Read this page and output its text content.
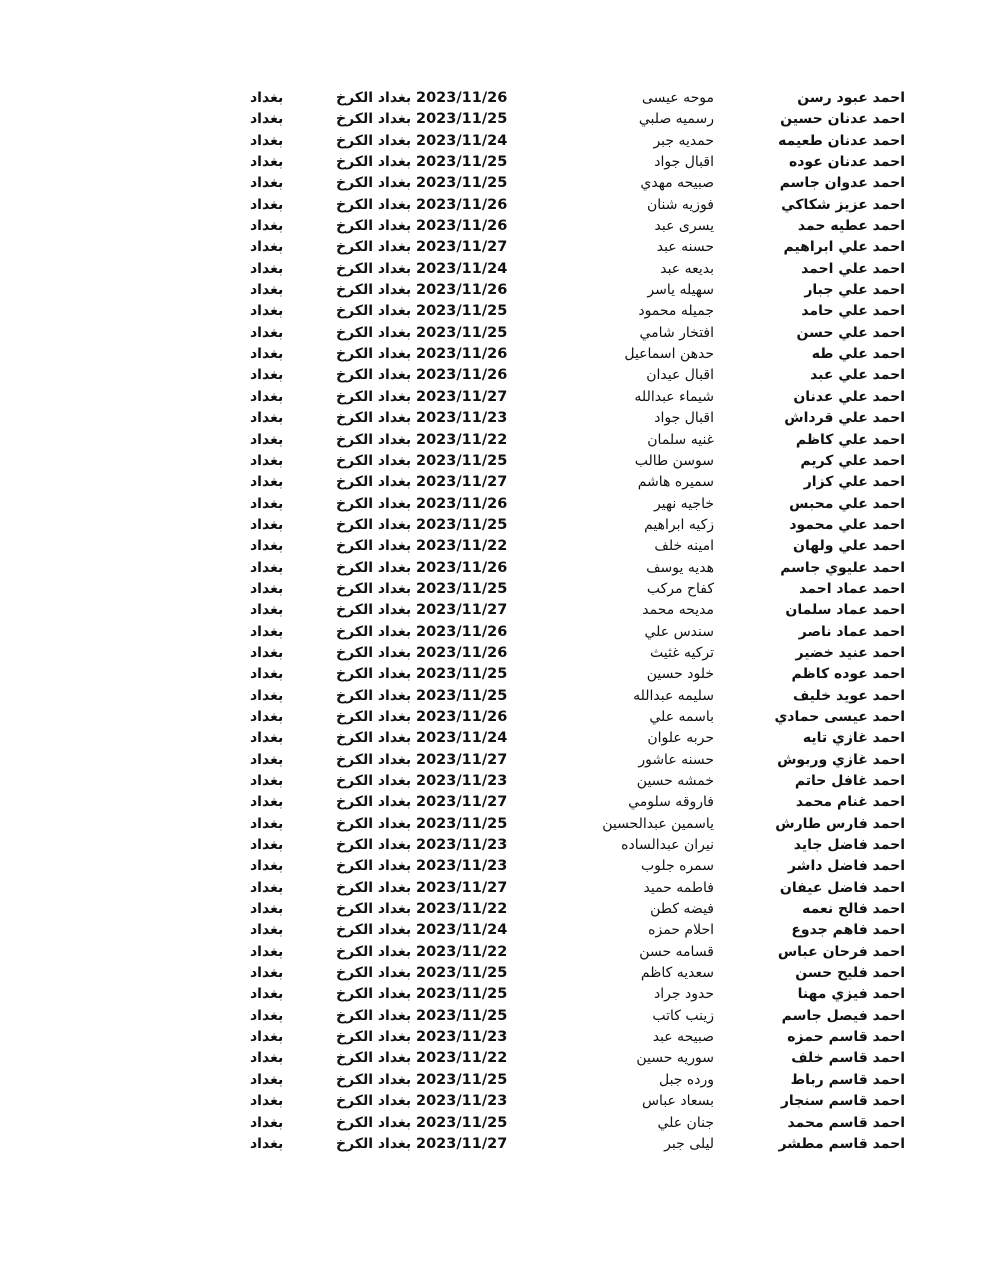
احمد عبود رسن
موحه عيسى
2023/11/26
بغداد الكرخ
بغداد
احمد عدنان حسين
رسميه صلبي
2023/11/25
بغداد الكرخ
بغداد
احمد عدنان طعيمه
حمديه جبر
2023/11/24
بغداد الكرخ
بغداد
احمد عدنان عوده
اقبال جواد
2023/11/25
بغداد الكرخ
بغداد
احمد عدوان جاسم
صبيحه مهدي
2023/11/25
بغداد الكرخ
بغداد
احمد عزيز شكاكي
فوزيه شنان
2023/11/26
بغداد الكرخ
بغداد
احمد عطيه حمد
يسرى عبد
2023/11/26
بغداد الكرخ
بغداد
احمد علي ابراهيم
حسنه عبد
2023/11/27
بغداد الكرخ
بغداد
احمد علي احمد
بديعه عبد
2023/11/24
بغداد الكرخ
بغداد
احمد علي جبار
سهيله ياسر
2023/11/26
بغداد الكرخ
بغداد
احمد علي حامد
جميله محمود
2023/11/25
بغداد الكرخ
بغداد
احمد علي حسن
افتخار شامي
2023/11/25
بغداد الكرخ
بغداد
احمد علي طه
حدهن اسماعيل
2023/11/26
بغداد الكرخ
بغداد
احمد علي عبد
اقبال عيدان
2023/11/26
بغداد الكرخ
بغداد
احمد علي عدنان
شيماء عبدالله
2023/11/27
بغداد الكرخ
بغداد
احمد علي قرداش
اقبال جواد
2023/11/23
بغداد الكرخ
بغداد
احمد علي كاظم
غنيه سلمان
2023/11/22
بغداد الكرخ
بغداد
احمد علي كريم
سوسن طالب
2023/11/25
بغداد الكرخ
بغداد
احمد علي كزار
سميره هاشم
2023/11/27
بغداد الكرخ
بغداد
احمد علي محبس
خاجيه نهير
2023/11/26
بغداد الكرخ
بغداد
احمد علي محمود
زكيه ابراهيم
2023/11/25
بغداد الكرخ
بغداد
احمد علي ولهان
امينه خلف
2023/11/22
بغداد الكرخ
بغداد
احمد عليوي جاسم
هديه يوسف
2023/11/26
بغداد الكرخ
بغداد
احمد عماد احمد
كفاح مركب
2023/11/25
بغداد الكرخ
بغداد
احمد عماد سلمان
مديحه محمد
2023/11/27
بغداد الكرخ
بغداد
احمد عماد ناصر
سندس علي
2023/11/26
بغداد الكرخ
بغداد
احمد عنيد خضير
تركيه غثيث
2023/11/26
بغداد الكرخ
بغداد
احمد عوده كاظم
خلود حسين
2023/11/25
بغداد الكرخ
بغداد
احمد عويد خليف
سليمه عبدالله
2023/11/25
بغداد الكرخ
بغداد
احمد عيسى حمادي
باسمه علي
2023/11/26
بغداد الكرخ
بغداد
احمد غازي تايه
حربه علوان
2023/11/24
بغداد الكرخ
بغداد
احمد غازي وربوش
حسنه عاشور
2023/11/27
بغداد الكرخ
بغداد
احمد غافل حاتم
خمشه حسين
2023/11/23
بغداد الكرخ
بغداد
احمد غنام محمد
فاروقه سلومي
2023/11/27
بغداد الكرخ
بغداد
احمد فارس طارش
ياسمين عبدالحسين
2023/11/25
بغداد الكرخ
بغداد
احمد فاضل جايد
نيران عبدالساده
2023/11/23
بغداد الكرخ
بغداد
احمد فاضل داشر
سمره جلوب
2023/11/23
بغداد الكرخ
بغداد
احمد فاضل عيفان
فاطمه حميد
2023/11/27
بغداد الكرخ
بغداد
احمد فالح نعمه
فيضه كطن
2023/11/22
بغداد الكرخ
بغداد
احمد فاهم جدوع
احلام حمزه
2023/11/24
بغداد الكرخ
بغداد
احمد فرحان عباس
قسامه حسن
2023/11/22
بغداد الكرخ
بغداد
احمد فليح حسن
سعديه كاظم
2023/11/25
بغداد الكرخ
بغداد
احمد فيزي مهنا
حدود جراد
2023/11/25
بغداد الكرخ
بغداد
احمد فيصل جاسم
زينب كاتب
2023/11/25
بغداد الكرخ
بغداد
احمد قاسم حمزه
صبيحه عبد
2023/11/23
بغداد الكرخ
بغداد
احمد قاسم خلف
سوريه حسين
2023/11/22
بغداد الكرخ
بغداد
احمد قاسم رباط
ورده جبل
2023/11/25
بغداد الكرخ
بغداد
احمد قاسم سنجار
بسعاد عباس
2023/11/23
بغداد الكرخ
بغداد
احمد قاسم محمد
جنان علي
2023/11/25
بغداد الكرخ
بغداد
احمد قاسم مطشر
ليلى جبر
2023/11/27
بغداد الكرخ
بغداد
